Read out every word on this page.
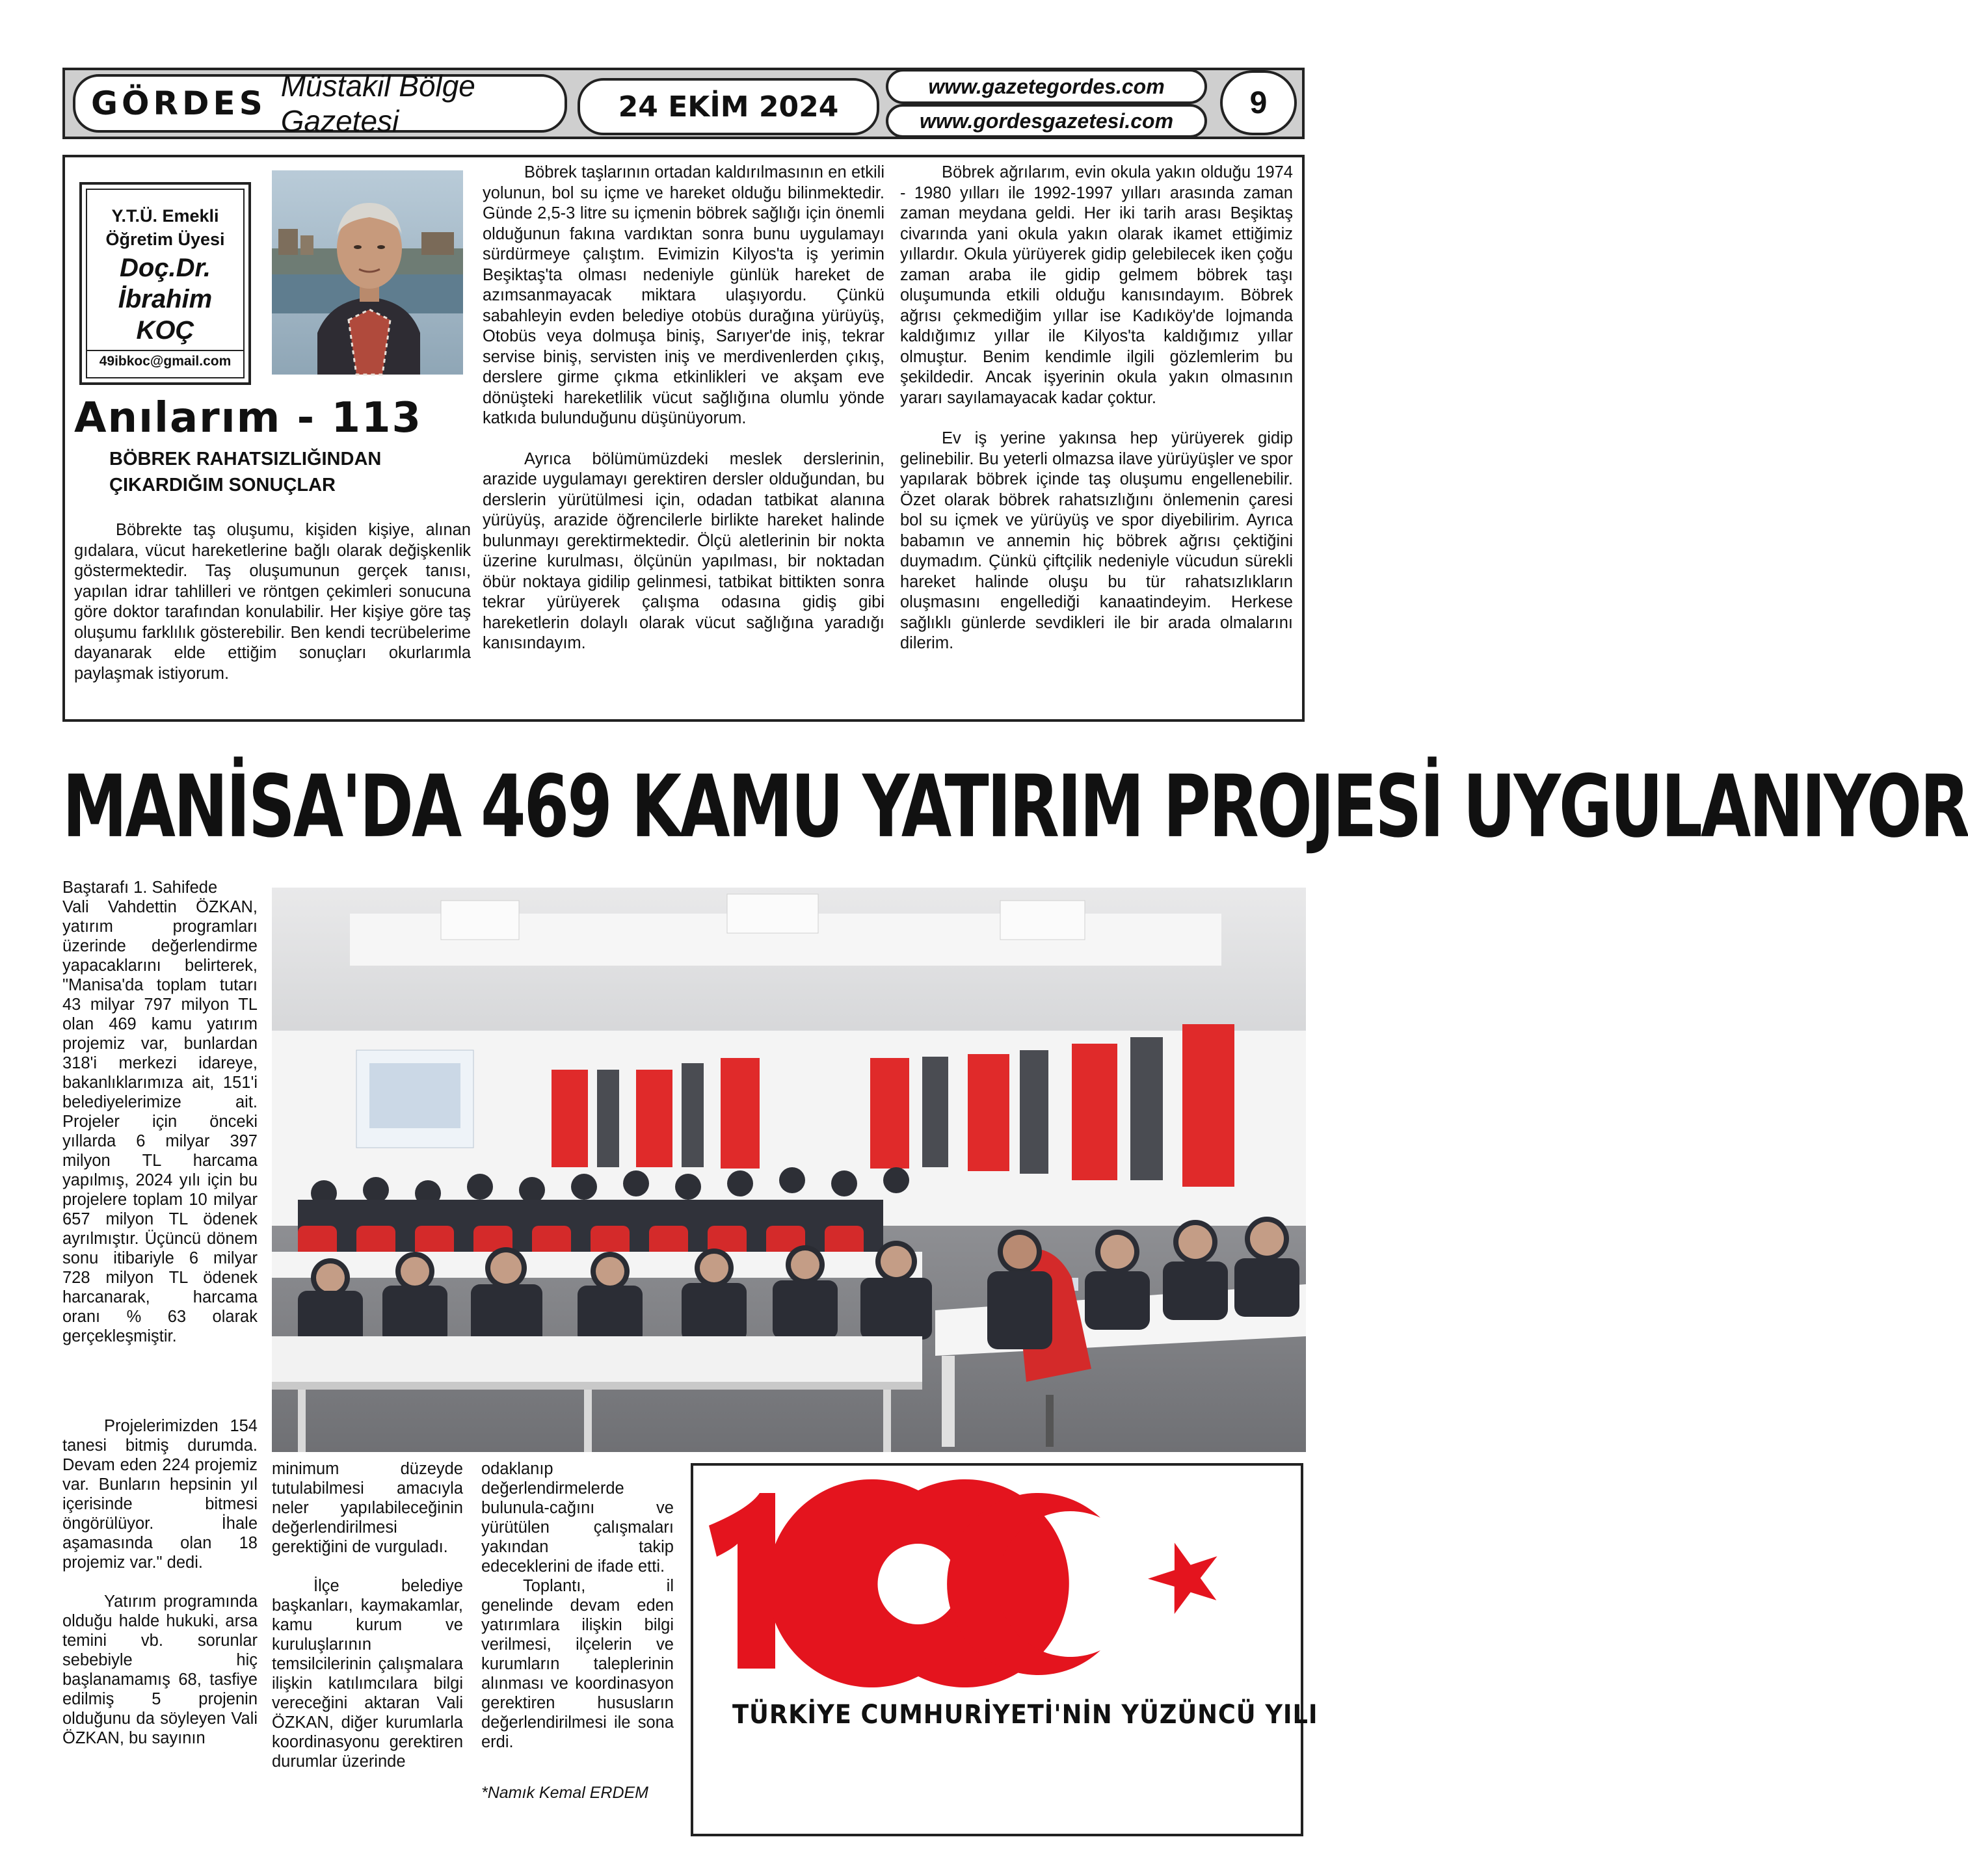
GÖRDES Müstakil Bölge Gazetesi	24 EKİM 2024
www.gazetegordes.com
www.gordesgazetesi.com
9
Y.T.Ü. Emekli
Öğretim Üyesi
Doç.Dr.
İbrahim
KOÇ
49ibkoc@gmail.com
Anılarım - 113
BÖBREK RAHATSIZLIĞINDAN
ÇIKARDIĞIM SONUÇLAR

Böbrekte taş oluşumu, kişiden kişiye, alınan gıdalara, vücut hareketlerine bağlı olarak değişkenlik göstermektedir. Taş oluşumunun gerçek tanısı, yapılan idrar tahlilleri ve röntgen çekimleri sonucuna göre doktor tarafından konulabilir. Her kişiye göre taş oluşumu farklılık gösterebilir. Ben kendi tecrübelerime dayanarak elde ettiğim sonuçları okurlarımla paylaşmak istiyorum.

Böbrek taşlarının ortadan kaldırılmasının en etkili yolunun, bol su içme ve hareket olduğu bilinmektedir. Günde 2,5-3 litre su içmenin böbrek sağlığı için önemli olduğunun fakına vardıktan sonra bunu uygulamayı sürdürmeye çalıştım. Evimizin Kilyos'ta iş yerimin Beşiktaş'ta olması nedeniyle günlük hareket de azımsanmayacak miktara ulaşıyordu. Çünkü sabahleyin evden belediye otobüs durağına yürüyüş, Otobüs veya dolmuşa biniş, Sarıyer'de iniş, tekrar servise biniş, servisten iniş ve merdivenlerden çıkış, derslere girme çıkma etkinlikleri ve akşam eve dönüşteki hareketlilik vücut sağlığına olumlu yönde katkıda bulunduğunu düşünüyorum.

Ayrıca bölümümüzdeki meslek derslerinin, arazide uygulamayı gerektiren dersler olduğundan, bu derslerin yürütülmesi için, odadan tatbikat alanına yürüyüş, arazide öğrencilerle birlikte hareket halinde bulunmayı gerektirmektedir. Ölçü aletlerinin bir nokta üzerine kurulması, ölçünün yapılması, bir noktadan öbür noktaya gidilip gelinmesi, tatbikat bittikten sonra tekrar yürüyerek çalışma odasına gidiş gibi hareketlerin dolaylı olarak vücut sağlığına yaradığı kanısındayım.

Böbrek ağrılarım, evin okula yakın olduğu 1974 - 1980 yılları ile 1992-1997 yılları arasında zaman zaman meydana geldi. Her iki tarih arası Beşiktaş civarında yani okula yakın olarak ikamet ettiğimiz yıllardır. Okula yürüyerek gidip gelebilecek iken çoğu zaman araba ile gidip gelmem böbrek taşı oluşumunda etkili olduğu kanısındayım. Böbrek ağrısı çekmediğim yıllar ise Kadıköy'de lojmanda kaldığımız yıllar ile Kilyos'ta kaldığımız yıllar olmuştur. Benim kendimle ilgili gözlemlerim bu şekildedir. Ancak işyerinin okula yakın olmasının yararı sayılamayacak kadar çoktur.

Ev iş yerine yakınsa hep yürüyerek gidip gelinebilir. Bu yeterli olmazsa ilave yürüyüşler ve spor yapılarak böbrek içinde taş oluşumu engellenebilir. Özet olarak böbrek rahatsızlığını önlemenin çaresi bol su içmek ve yürüyüş ve spor diyebilirim. Ayrıca babamın ve annemin hiç böbrek ağrısı çektiğini duymadım. Çünkü çiftçilik nedeniyle vücudun sürekli hareket halinde oluşu bu tür rahatsızlıkların oluşmasını engellediği kanaatindeyim. Herkese sağlıklı günlerde sevdikleri ile bir arada olmalarını dilerim.

MANİSA'DA 469 KAMU YATIRIM PROJESİ UYGULANIYOR

Baştarafı 1. Sahifede

Vali Vahdettin ÖZKAN, yatırım programları üzerinde değerlendirme yapacaklarını belirterek, "Manisa'da toplam tutarı 43 milyar 797 milyon TL olan 469 kamu yatırım projemiz var, bunlardan 318'i merkezi idareye, bakanlıklarımıza ait, 151'i belediyelerimize ait. Projeler için önceki yıllarda 6 milyar 397 milyon TL harcama yapılmış, 2024 yılı için bu projelere toplam 10 milyar 657 milyon TL ödenek ayrılmıştır. Üçüncü dönem sonu itibariyle 6 milyar 728 milyon TL ödenek harcanarak, harcama oranı % 63 olarak gerçekleşmiştir.

Projelerimizden 154 tanesi bitmiş durumda. Devam eden 224 projemiz var. Bunların hepsinin yıl içerisinde bitmesi öngörülüyor. İhale aşamasında olan 18 projemiz var." dedi.

Yatırım programında olduğu halde hukuki, arsa temini vb. sorunlar sebebiyle hiç başlanamamış 68, tasfiye edilmiş 5 projenin olduğunu da söyleyen Vali ÖZKAN, bu sayının

minimum düzeyde tutulabilmesi amacıyla neler yapılabileceğinin değerlendirilmesi gerektiğini de vurguladı.

İlçe belediye başkanları, kaymakamlar, kamu kurum ve kuruluşlarının temsilcilerinin çalışmalara ilişkin katılımcılara bilgi vereceğini aktaran Vali ÖZKAN, diğer kurumlarla koordinasyonu gerektiren durumlar üzerinde

odaklanıp değerlendirmelerde bulunula-cağını ve yürütülen çalışmaları yakından takip edeceklerini de ifade etti.

Toplantı, il genelinde devam eden yatırımlara ilişkin bilgi verilmesi, ilçelerin ve kurumların taleplerinin alınması ve koordinasyon gerektiren hususların değerlendirilmesi ile sona erdi.

*Namık Kemal ERDEM
TÜRKİYE CUMHURİYETİ'NİN YÜZÜNCÜ YILI
